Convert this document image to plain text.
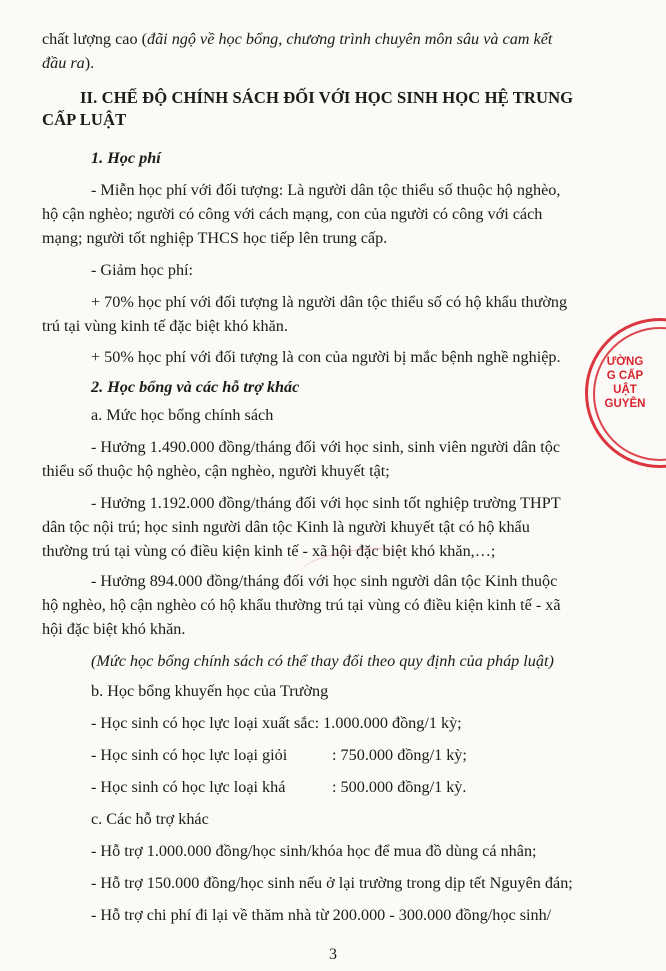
chất lượng cao (đãi ngộ về học bổng, chương trình chuyên môn sâu và cam kết
đầu ra).
II. CHẾ ĐỘ CHÍNH SÁCH ĐỐI VỚI HỌC SINH HỌC HỆ TRUNG
CẤP LUẬT
1. Học phí
- Miễn học phí với đối tượng: Là người dân tộc thiểu số thuộc hộ nghèo,
hộ cận nghèo; người có công với cách mạng, con của người có công với cách
mạng; người tốt nghiệp THCS học tiếp lên trung cấp.
- Giảm học phí:
+ 70% học phí với đối tượng là người dân tộc thiểu số có hộ khẩu thường
trú tại vùng kinh tế đặc biệt khó khăn.
+ 50% học phí với đối tượng là con của người bị mắc bệnh nghề nghiệp.
2. Học bổng và các hỗ trợ khác
a. Mức học bổng chính sách
- Hưởng 1.490.000 đồng/tháng đối với học sinh, sinh viên người dân tộc
thiểu số thuộc hộ nghèo, cận nghèo, người khuyết tật;
- Hưởng 1.192.000 đồng/tháng đối với học sinh tốt nghiệp trường THPT
dân tộc nội trú; học sinh người dân tộc Kinh là người khuyết tật có hộ khẩu
thường trú tại vùng có điều kiện kinh tế - xã hội đặc biệt khó khăn,…;
- Hưởng 894.000 đồng/tháng đối với học sinh người dân tộc Kinh thuộc
hộ nghèo, hộ cận nghèo có hộ khẩu thường trú tại vùng có điều kiện kinh tế - xã
hội đặc biệt khó khăn.
(Mức học bổng chính sách có thể thay đổi theo quy định của pháp luật)
b. Học bổng khuyến học của Trường
- Học sinh có học lực loại xuất sắc: 1.000.000 đồng/1 kỳ;
- Học sinh có học lực loại giỏi	: 750.000 đồng/1 kỳ;
- Học sinh có học lực loại khá	: 500.000 đồng/1 kỳ.
c. Các hỗ trợ khác
- Hỗ trợ 1.000.000 đồng/học sinh/khóa học để mua đồ dùng cá nhân;
- Hỗ trợ 150.000 đồng/học sinh nếu ở lại trường trong dịp tết Nguyên đán;
- Hỗ trợ chi phí đi lại về thăm nhà từ 200.000 - 300.000 đồng/học sinh/
3
ƯỜNG
G CẤP
UẬT
GUYÊN
